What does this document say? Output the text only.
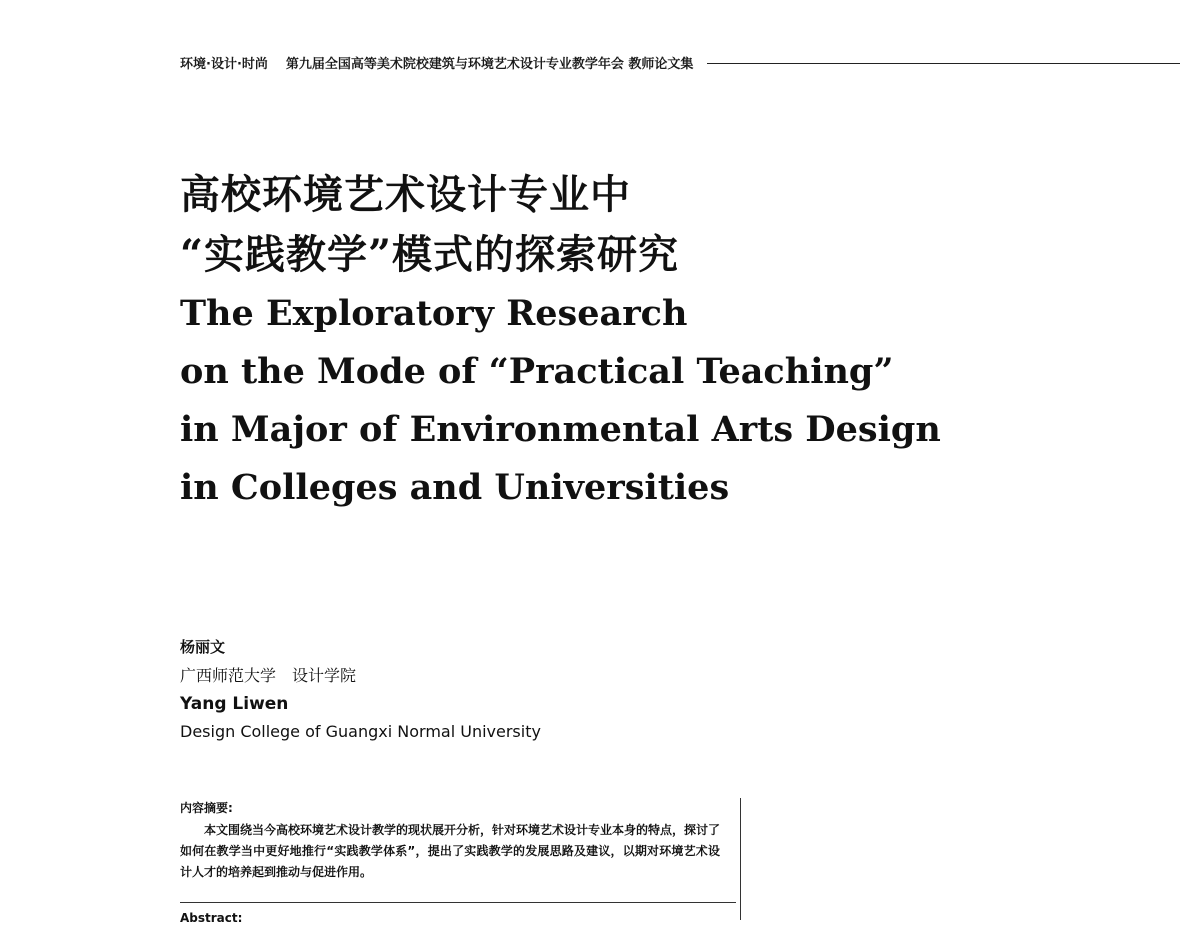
环境·设计·时尚 第九届全国高等美术院校建筑与环境艺术设计专业教学年会 教师论文集
高校环境艺术设计专业中
“实践教学”模式的探索研究
The Exploratory Research
on the Mode of “Practical Teaching”
in Major of Environmental Arts Design
in Colleges and Universities

杨丽文

广西师范大学　设计学院

Yang Liwen

Design College of Guangxi Normal University

内容摘要:

本文围绕当今高校环境艺术设计教学的现状展开分析，针对环境艺术设计专业本身的特点，探讨了如何在教学当中更好地推行“实践教学体系”，提出了实践教学的发展思路及建议，以期对环境艺术设计人才的培养起到推动与促进作用。

Abstract:
